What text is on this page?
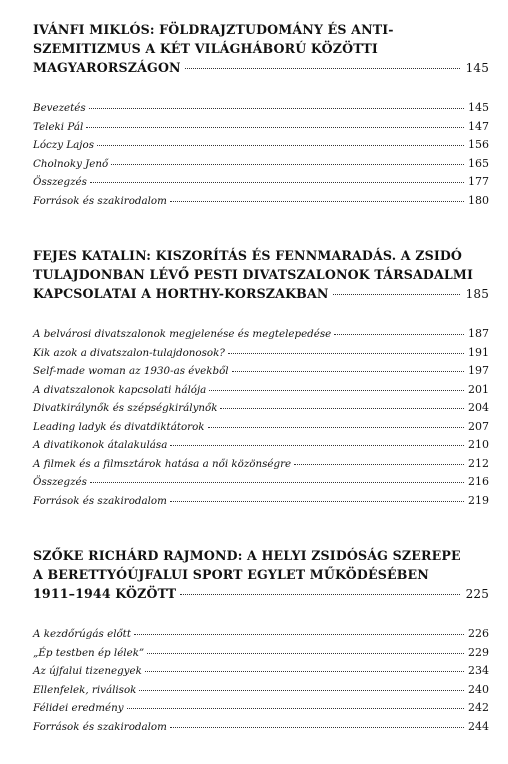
IVÁNFI MIKLÓS: FÖLDRAJZTUDOMÁNY ÉS ANTI-
SZEMITIZMUS A KÉT VILÁGHÁBORÚ KÖZÖTTI
MAGYARORSZÁGON	145
Bevezetés	145
Teleki Pál	147
Lóczy Lajos	156
Cholnoky Jenő	165
Összegzés	177
Források és szakirodalom	180
FEJES KATALIN: KISZORÍTÁS ÉS FENNMARADÁS. A ZSIDÓ
TULAJDONBAN LÉVŐ PESTI DIVATSZALONOK TÁRSADALMI
KAPCSOLATAI A HORTHY-KORSZAKBAN	185
A belvárosi divatszalonok megjelenése és megtelepedése	187
Kik azok a divatszalon-tulajdonosok?	191
Self-made woman az 1930-as évekből	197
A divatszalonok kapcsolati hálója	201
Divatkirálynők és szépségkirálynők	204
Leading ladyk és divatdiktátorok	207
A divatikonok átalakulása	210
A filmek és a filmsztárok hatása a női közönségre	212
Összegzés	216
Források és szakirodalom	219
SZŐKE RICHÁRD RAJMOND: A HELYI ZSIDÓSÁG SZEREPE
A BERETTYÓÚJFALUI SPORT EGYLET MŰKÖDÉSÉBEN
1911–1944 KÖZÖTT	225
A kezdőrúgás előtt	226
„Ép testben ép lélek”	229
Az újfalui tizenegyek	234
Ellenfelek, riválisok	240
Félidei eredmény	242
Források és szakirodalom	244
